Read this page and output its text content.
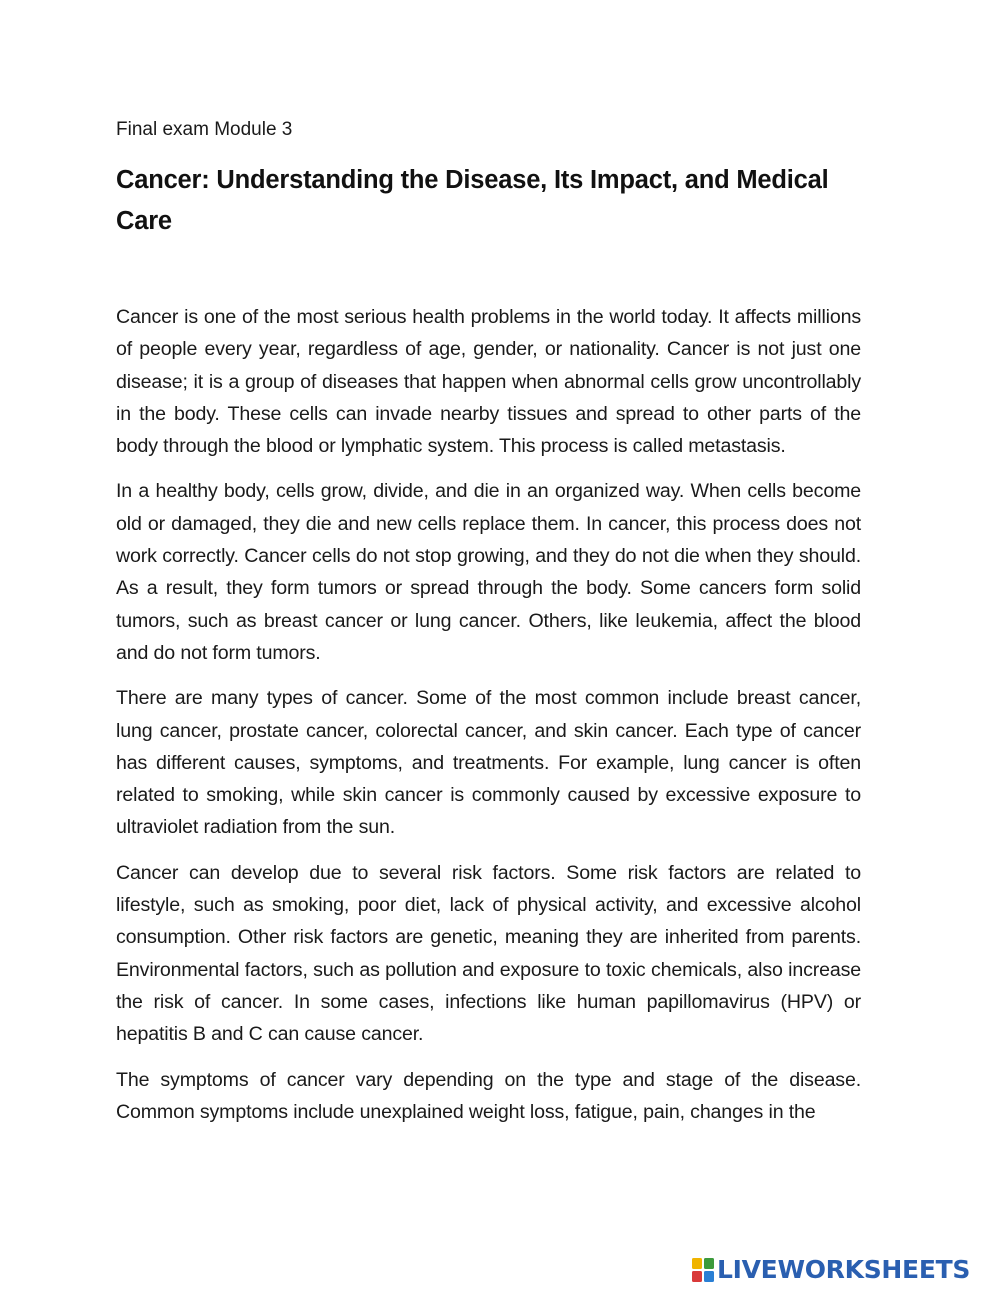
Final exam Module 3
Cancer: Understanding the Disease, Its Impact, and Medical Care

Cancer is one of the most serious health problems in the world today. It affects millions of people every year, regardless of age, gender, or nationality. Cancer is not just one disease; it is a group of diseases that happen when abnormal cells grow uncontrollably in the body. These cells can invade nearby tissues and spread to other parts of the body through the blood or lymphatic system. This process is called metastasis.

In a healthy body, cells grow, divide, and die in an organized way. When cells become old or damaged, they die and new cells replace them. In cancer, this process does not work correctly. Cancer cells do not stop growing, and they do not die when they should. As a result, they form tumors or spread through the body. Some cancers form solid tumors, such as breast cancer or lung cancer. Others, like leukemia, affect the blood and do not form tumors.

There are many types of cancer. Some of the most common include breast cancer, lung cancer, prostate cancer, colorectal cancer, and skin cancer. Each type of cancer has different causes, symptoms, and treatments. For example, lung cancer is often related to smoking, while skin cancer is commonly caused by excessive exposure to ultraviolet radiation from the sun.

Cancer can develop due to several risk factors. Some risk factors are related to lifestyle, such as smoking, poor diet, lack of physical activity, and excessive alcohol consumption. Other risk factors are genetic, meaning they are inherited from parents. Environmental factors, such as pollution and exposure to toxic chemicals, also increase the risk of cancer. In some cases, infections like human papillomavirus (HPV) or hepatitis B and C can cause cancer.

The symptoms of cancer vary depending on the type and stage of the disease. Common symptoms include unexplained weight loss, fatigue, pain, changes in the

LIVEWORKSHEETS
